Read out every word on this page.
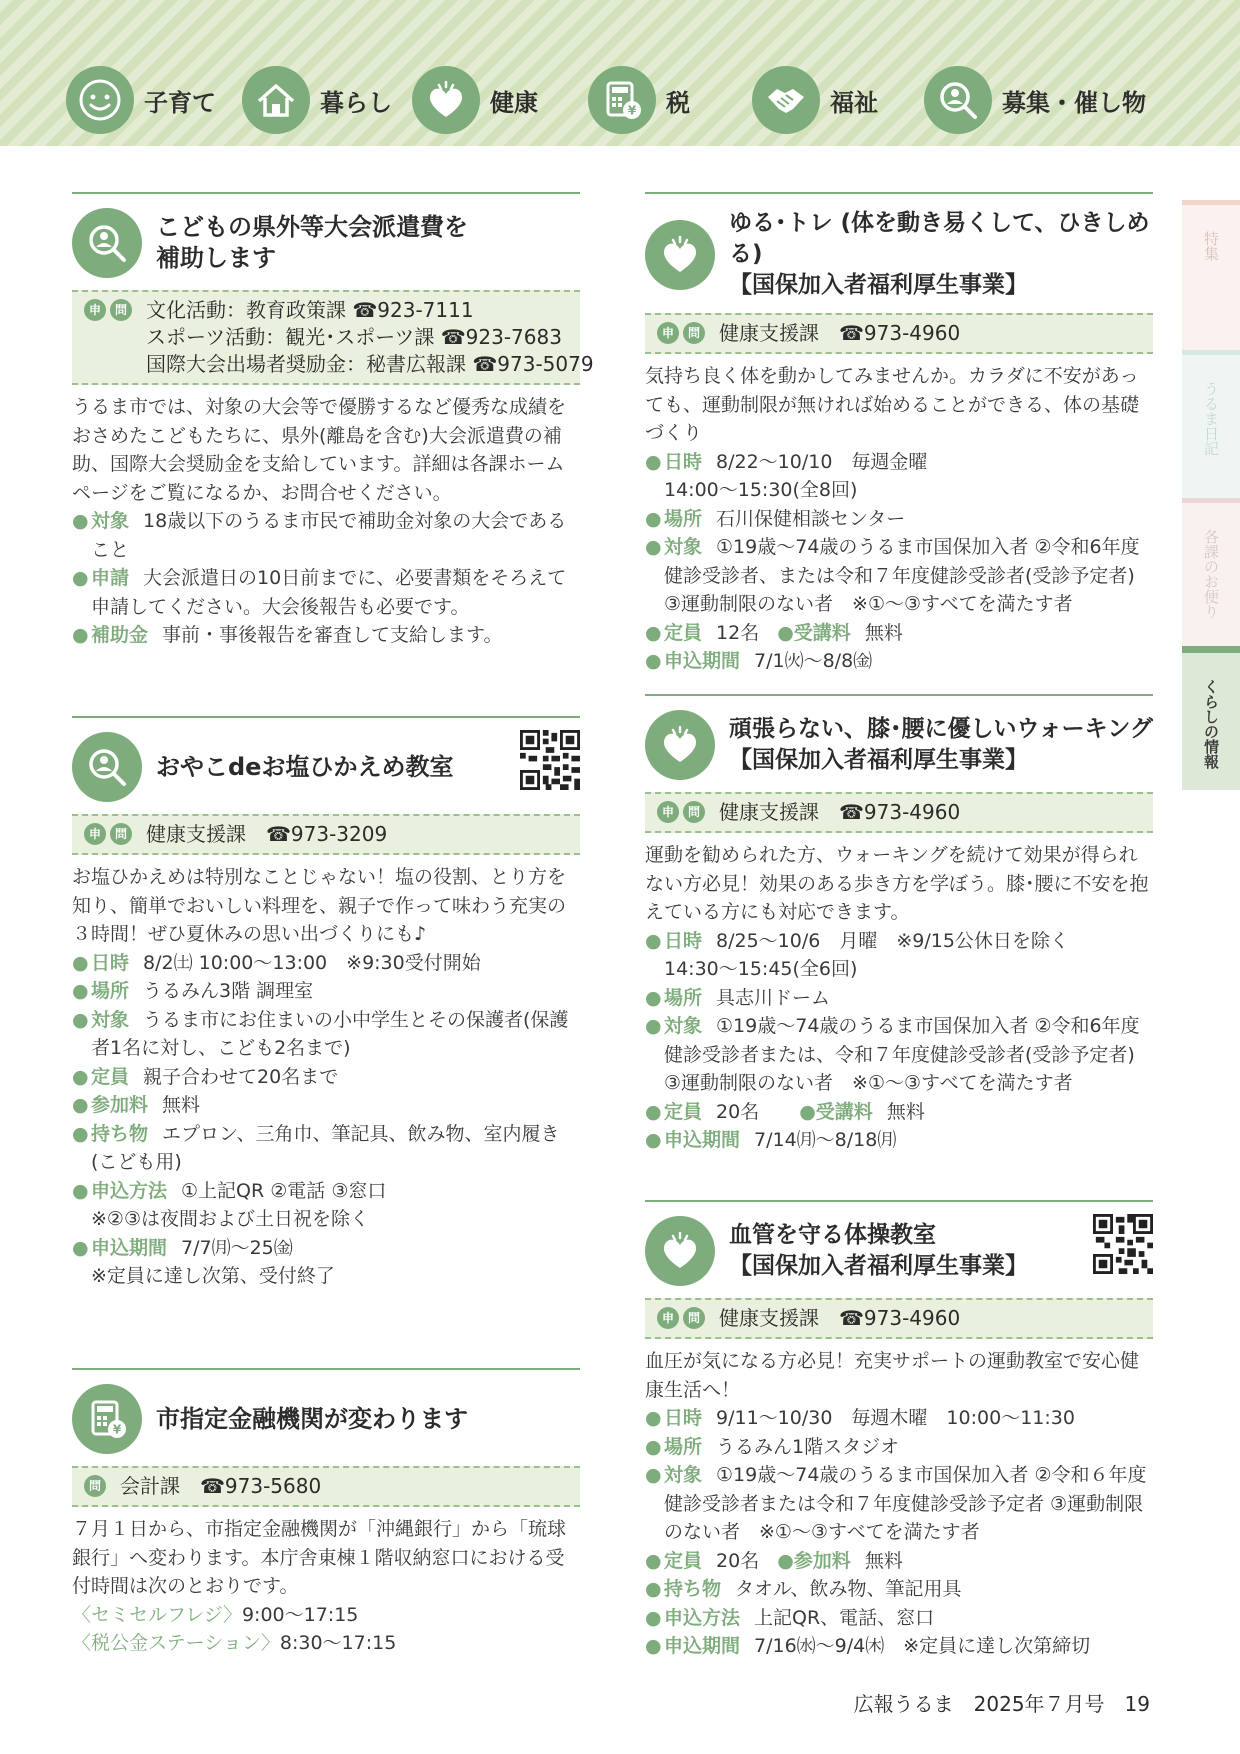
子育て	暮らし	健康	¥ 税	福祉	募集・催し物
特集
うるま日記
各課のお便り
くらしの情報
こどもの県外等大会派遣費を
補助します
申	問 文化活動：教育政策課 ☎923-7111
スポーツ活動：観光･スポーツ課 ☎923-7683
国際大会出場者奨励金：秘書広報課 ☎973-5079
うるま市では、対象の大会等で優勝するなど優秀な成績をおさめたこどもたちに、県外(離島を含む)大会派遣費の補助、国際大会奨励金を支給しています。詳細は各課ホームページをご覧になるか、お問合せください。
● 対象 18歳以下のうるま市民で補助金対象の大会であること
● 申請 大会派遣日の10日前までに、必要書類をそろえて申請してください。大会後報告も必要です。
● 補助金 事前・事後報告を審査して支給します。
おやこdeお塩ひかえめ教室
申	問 健康支援課　☎973-3209
お塩ひかえめは特別なことじゃない！塩の役割、とり方を知り、簡単でおいしい料理を、親子で作って味わう充実の３時間！ぜひ夏休みの思い出づくりにも♪
● 日時 8/2㈯ 10:00～13:00　※9:30受付開始
● 場所 うるみん3階 調理室
● 対象 うるま市にお住まいの小中学生とその保護者(保護者1名に対し、こども2名まで)
● 定員 親子合わせて20名まで
● 参加料 無料
● 持ち物 エプロン、三角巾、筆記具、飲み物、室内履き(こども用)
● 申込方法 ①上記QR ②電話 ③窓口
※②③は夜間および土日祝を除く
● 申込期間 7/7㈪～25㈮
※定員に達し次第、受付終了
¥ 市指定金融機関が変わります
問 会計課　☎973-5680
７月１日から、市指定金融機関が「沖縄銀行」から「琉球銀行」へ変わります。本庁舎東棟１階収納窓口における受付時間は次のとおりです。
〈セミセルフレジ〉9:00～17:15
〈税公金ステーション〉8:30～17:15
ゆる･トレ (体を動き易くして、ひきしめる)
【国保加入者福利厚生事業】
申	問 健康支援課　☎973-4960
気持ち良く体を動かしてみませんか。カラダに不安があっても、運動制限が無ければ始めることができる、体の基礎づくり
● 日時 8/22～10/10　毎週金曜
14:00～15:30(全8回)
● 場所 石川保健相談センター
● 対象 ①19歳～74歳のうるま市国保加入者 ②令和6年度健診受診者、または令和７年度健診受診者(受診予定者) ③運動制限のない者　※①～③すべてを満たす者
● 定員 12名 ●受講料 無料
● 申込期間 7/1㈫～8/8㈮
頑張らない、膝･腰に優しいウォーキング
【国保加入者福利厚生事業】
申	問 健康支援課　☎973-4960
運動を勧められた方、ウォーキングを続けて効果が得られない方必見！効果のある歩き方を学ぼう。膝･腰に不安を抱えている方にも対応できます。
● 日時 8/25～10/6　月曜　※9/15公休日を除く
14:30～15:45(全6回)
● 場所 具志川ドーム
● 対象 ①19歳～74歳のうるま市国保加入者 ②令和6年度健診受診者または、令和７年度健診受診者(受診予定者) ③運動制限のない者　※①～③すべてを満たす者
● 定員 20名 ●受講料 無料
● 申込期間 7/14㈪～8/18㈪
血管を守る体操教室
【国保加入者福利厚生事業】
申	問 健康支援課　☎973-4960
血圧が気になる方必見！充実サポートの運動教室で安心健康生活へ！
● 日時 9/11～10/30　毎週木曜　10:00～11:30
● 場所 うるみん1階スタジオ
● 対象 ①19歳～74歳のうるま市国保加入者 ②令和６年度健診受診者または令和７年度健診受診予定者 ③運動制限のない者　※①～③すべてを満たす者
● 定員 20名 ●参加料 無料
● 持ち物 タオル、飲み物、筆記用具
● 申込方法 上記QR、電話、窓口
● 申込期間 7/16㈬～9/4㈭　※定員に達し次第締切
広報うるま　2025年７月号　19
